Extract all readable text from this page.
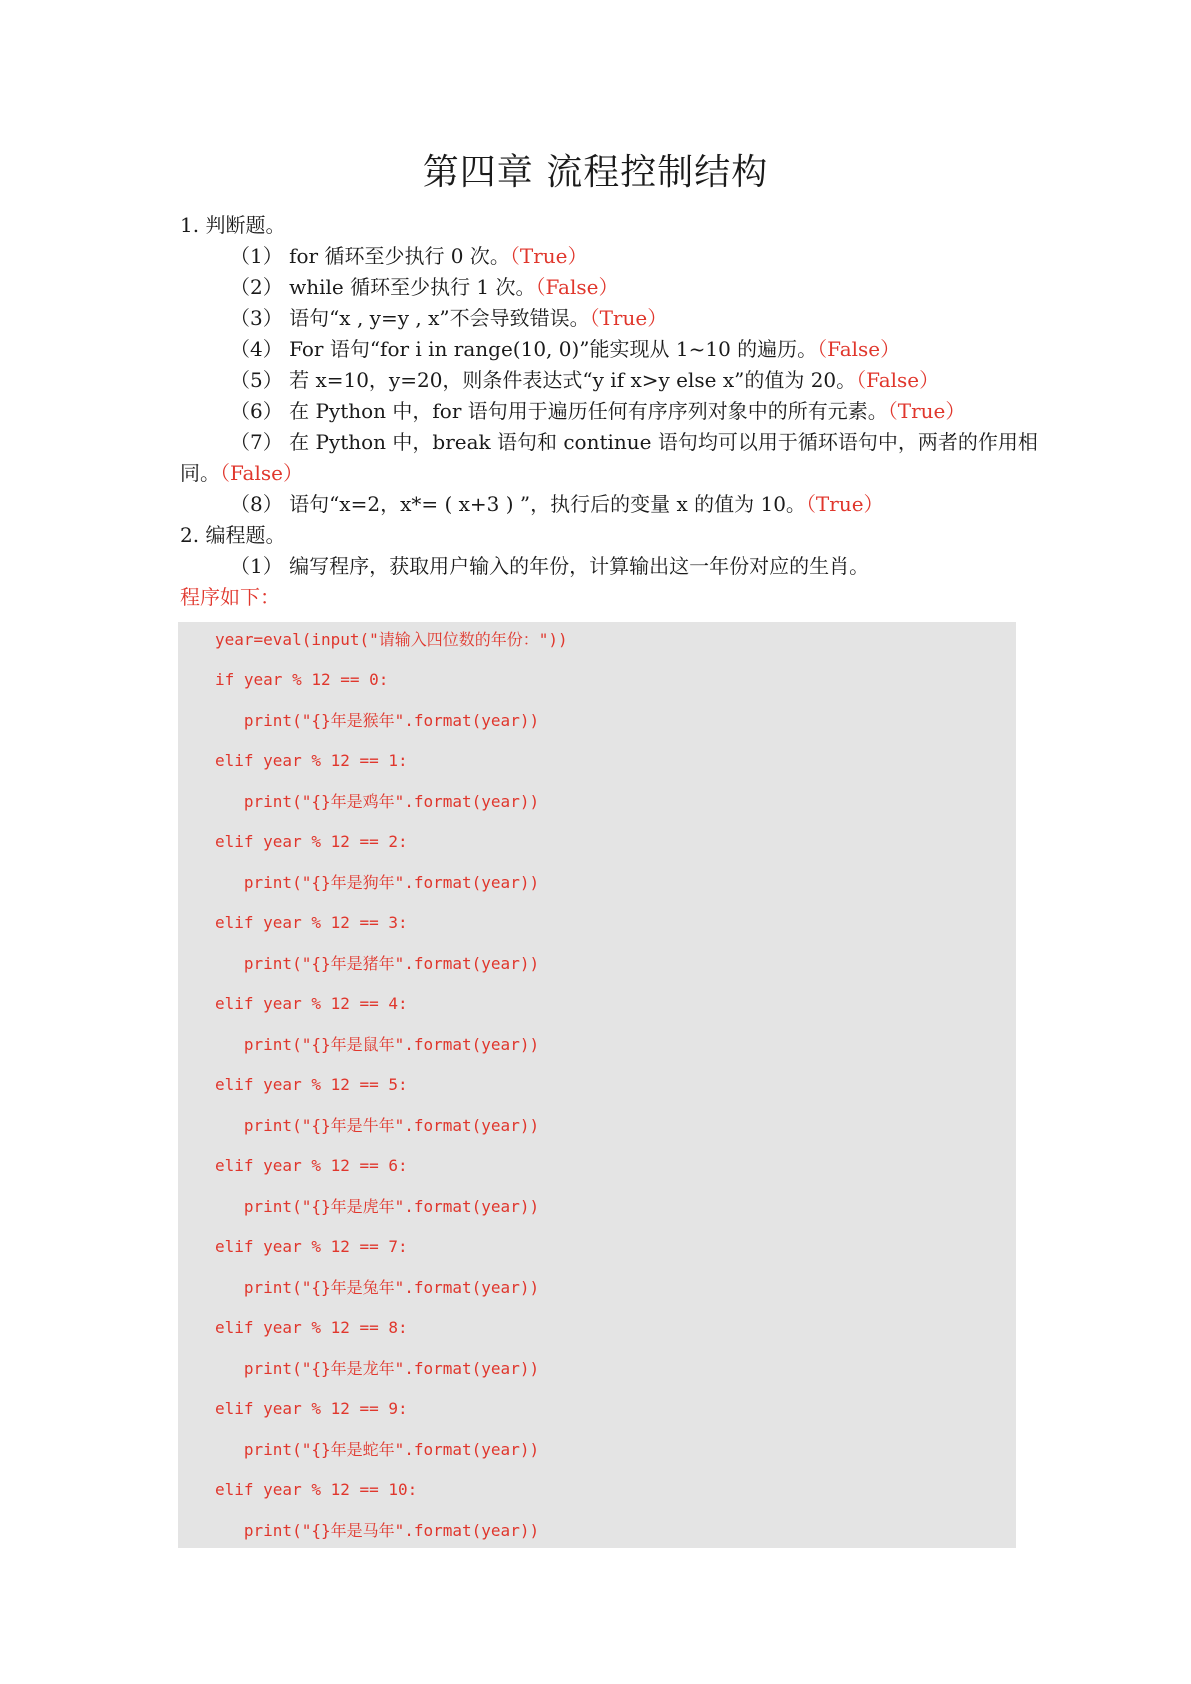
第四章 流程控制结构
1. 判断题。
（1） for 循环至少执行 0 次。（True）
（2） while 循环至少执行 1 次。（False）
（3） 语句“x , y=y , x”不会导致错误。（True）
（4） For 语句“for i in range(10, 0)”能实现从 1~10 的遍历。（False）
（5） 若 x=10，y=20，则条件表达式“y if x>y else x”的值为 20。（False）
（6） 在 Python 中，for 语句用于遍历任何有序序列对象中的所有元素。（True）
（7） 在 Python 中，break 语句和 continue 语句均可以用于循环语句中，两者的作用相
同。（False）
（8） 语句“x=2，x*= ( x+3 ) ”，执行后的变量 x 的值为 10。（True）
2. 编程题。
（1） 编写程序，获取用户输入的年份，计算输出这一年份对应的生肖。
程序如下：
year=eval(input("请输入四位数的年份："))
if year % 12 == 0:
print("{}年是猴年".format(year))
elif year % 12 == 1:
print("{}年是鸡年".format(year))
elif year % 12 == 2:
print("{}年是狗年".format(year))
elif year % 12 == 3:
print("{}年是猪年".format(year))
elif year % 12 == 4:
print("{}年是鼠年".format(year))
elif year % 12 == 5:
print("{}年是牛年".format(year))
elif year % 12 == 6:
print("{}年是虎年".format(year))
elif year % 12 == 7:
print("{}年是兔年".format(year))
elif year % 12 == 8:
print("{}年是龙年".format(year))
elif year % 12 == 9:
print("{}年是蛇年".format(year))
elif year % 12 == 10:
print("{}年是马年".format(year))
